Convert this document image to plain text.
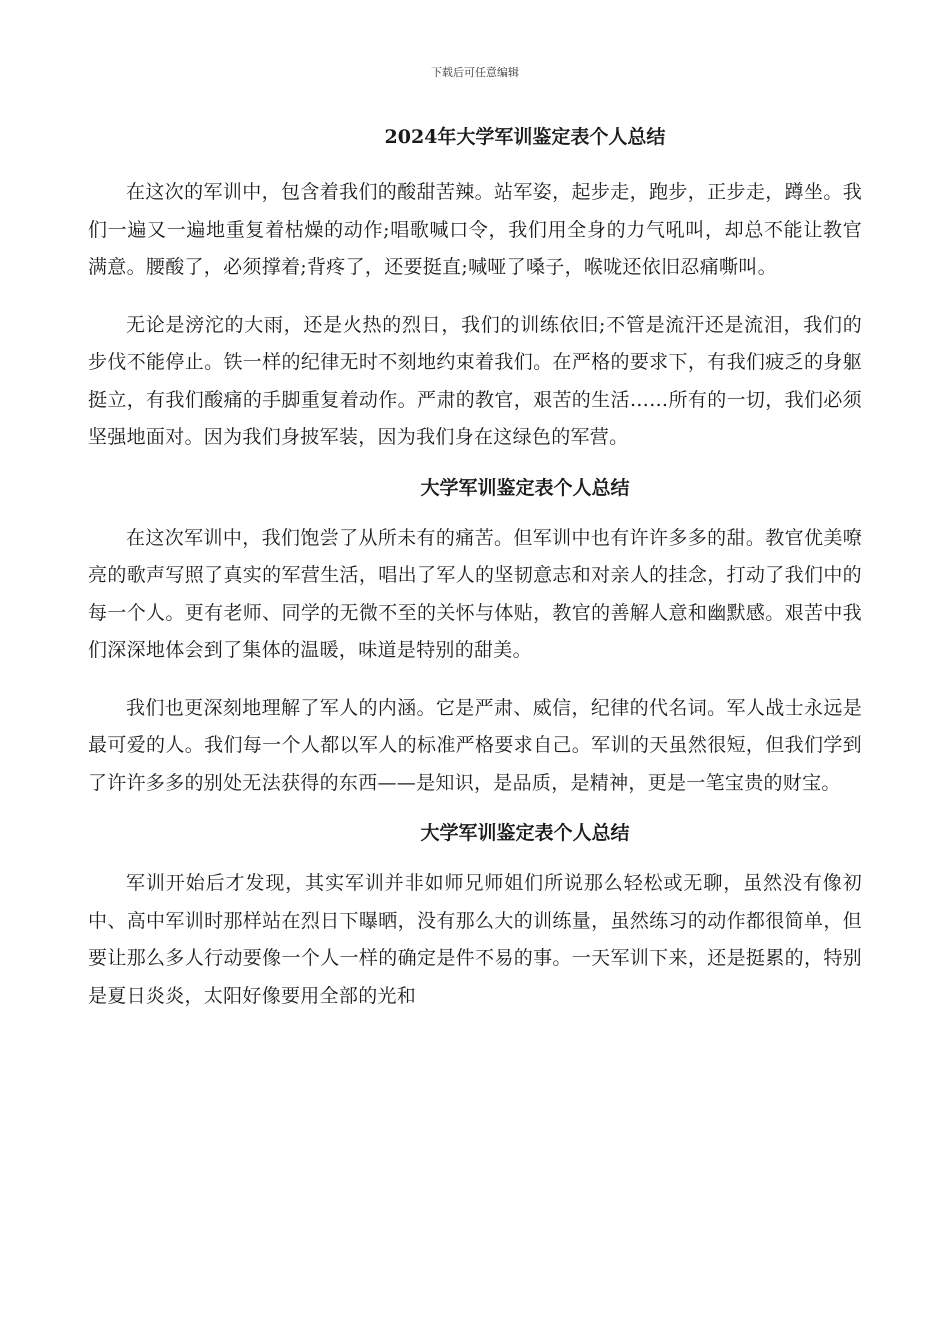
下载后可任意编辑
2024年大学军训鉴定表个人总结

在这次的军训中，包含着我们的酸甜苦辣。站军姿，起步走，跑步，正步走，蹲坐。我们一遍又一遍地重复着枯燥的动作;唱歌喊口令，我们用全身的力气吼叫，却总不能让教官满意。腰酸了，必须撑着;背疼了，还要挺直;喊哑了嗓子，喉咙还依旧忍痛嘶叫。

无论是滂沱的大雨，还是火热的烈日，我们的训练依旧;不管是流汗还是流泪，我们的步伐不能停止。铁一样的纪律无时不刻地约束着我们。在严格的要求下，有我们疲乏的身躯挺立，有我们酸痛的手脚重复着动作。严肃的教官，艰苦的生活……所有的一切，我们必须坚强地面对。因为我们身披军装，因为我们身在这绿色的军营。

大学军训鉴定表个人总结

在这次军训中，我们饱尝了从所未有的痛苦。但军训中也有许许多多的甜。教官优美嘹亮的歌声写照了真实的军营生活，唱出了军人的坚韧意志和对亲人的挂念，打动了我们中的每一个人。更有老师、同学的无微不至的关怀与体贴，教官的善解人意和幽默感。艰苦中我们深深地体会到了集体的温暖，味道是特别的甜美。

我们也更深刻地理解了军人的内涵。它是严肃、威信，纪律的代名词。军人战士永远是最可爱的人。我们每一个人都以军人的标准严格要求自己。军训的天虽然很短，但我们学到了许许多多的别处无法获得的东西——是知识，是品质，是精神，更是一笔宝贵的财宝。

大学军训鉴定表个人总结

军训开始后才发现，其实军训并非如师兄师姐们所说那么轻松或无聊，虽然没有像初中、高中军训时那样站在烈日下曝晒，没有那么大的训练量，虽然练习的动作都很简单，但要让那么多人行动要像一个人一样的确定是件不易的事。一天军训下来，还是挺累的，特别是夏日炎炎，太阳好像要用全部的光和
